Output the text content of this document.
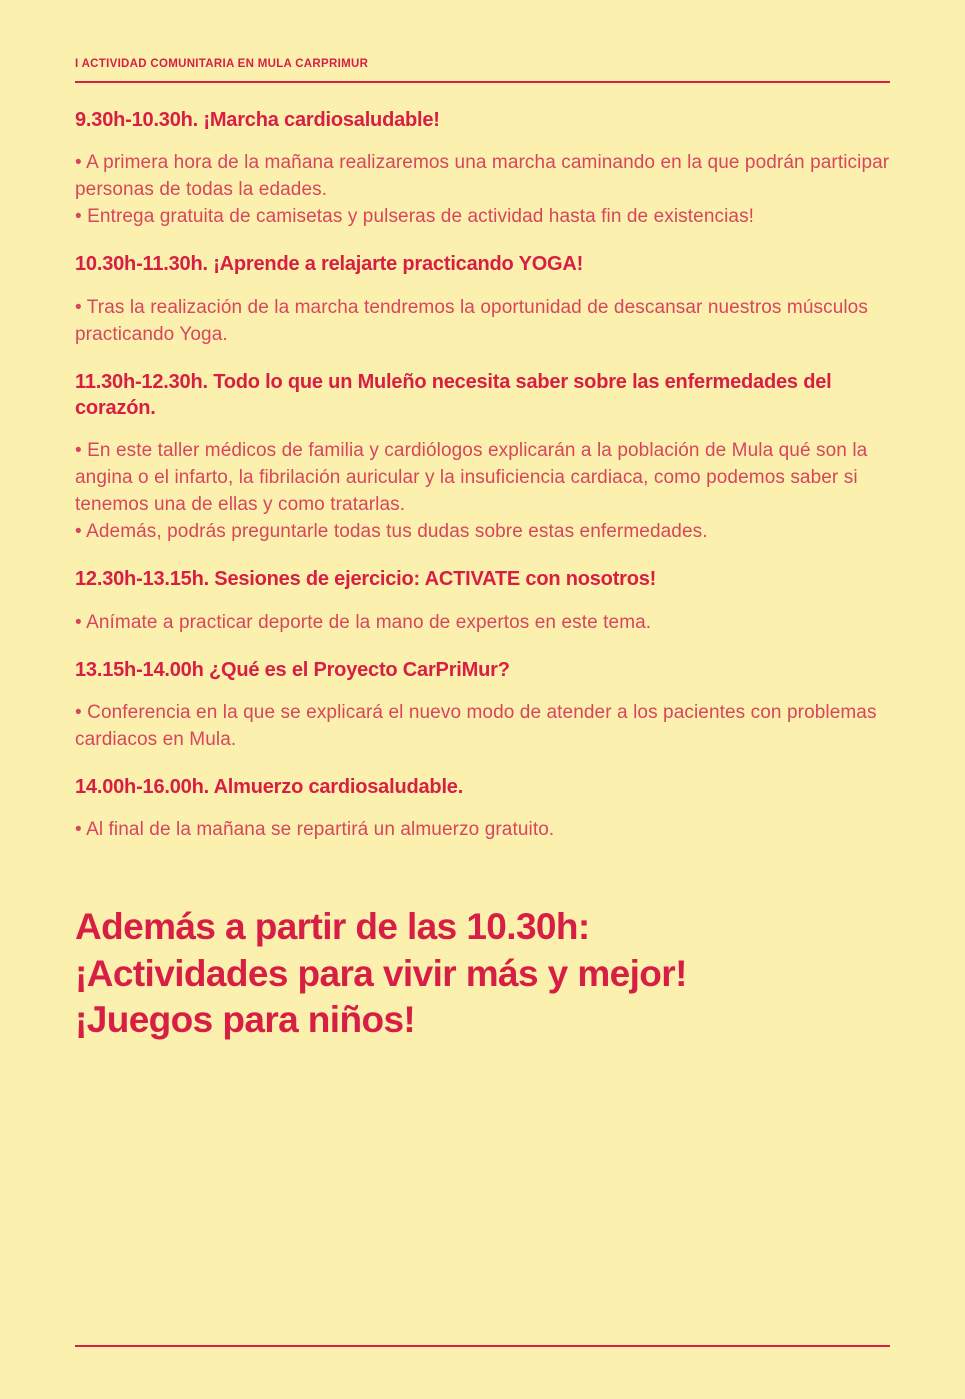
I ACTIVIDAD COMUNITARIA EN MULA CARPRIMUR

9.30h-10.30h. ¡Marcha cardiosaludable!

• A primera hora de la mañana realizaremos una marcha caminando en la que podrán participar personas de todas la edades.

• Entrega gratuita de camisetas y pulseras de actividad hasta fin de existencias!

10.30h-11.30h. ¡Aprende a relajarte practicando YOGA!

• Tras la realización de la marcha tendremos la oportunidad de descansar nuestros músculos practicando Yoga.

11.30h-12.30h. Todo lo que un Muleño necesita saber sobre las enfermedades del corazón.

• En este taller médicos de familia y cardiólogos explicarán a la población de Mula qué son la angina o el infarto, la fibrilación auricular y la insuficiencia cardiaca, como podemos saber si tenemos una de ellas y como tratarlas.

• Además, podrás preguntarle todas tus dudas sobre estas enfermedades.

12.30h-13.15h. Sesiones de ejercicio: ACTIVATE con nosotros!

• Anímate a practicar deporte de la mano de expertos en este tema.

13.15h-14.00h ¿Qué es el Proyecto CarPriMur?

• Conferencia en la que se explicará el nuevo modo de atender a los pacientes con problemas cardiacos en Mula.

14.00h-16.00h. Almuerzo cardiosaludable.

• Al final de la mañana se repartirá un almuerzo gratuito.

Además a partir de las 10.30h:
¡Actividades para vivir más y mejor!
¡Juegos para niños!
